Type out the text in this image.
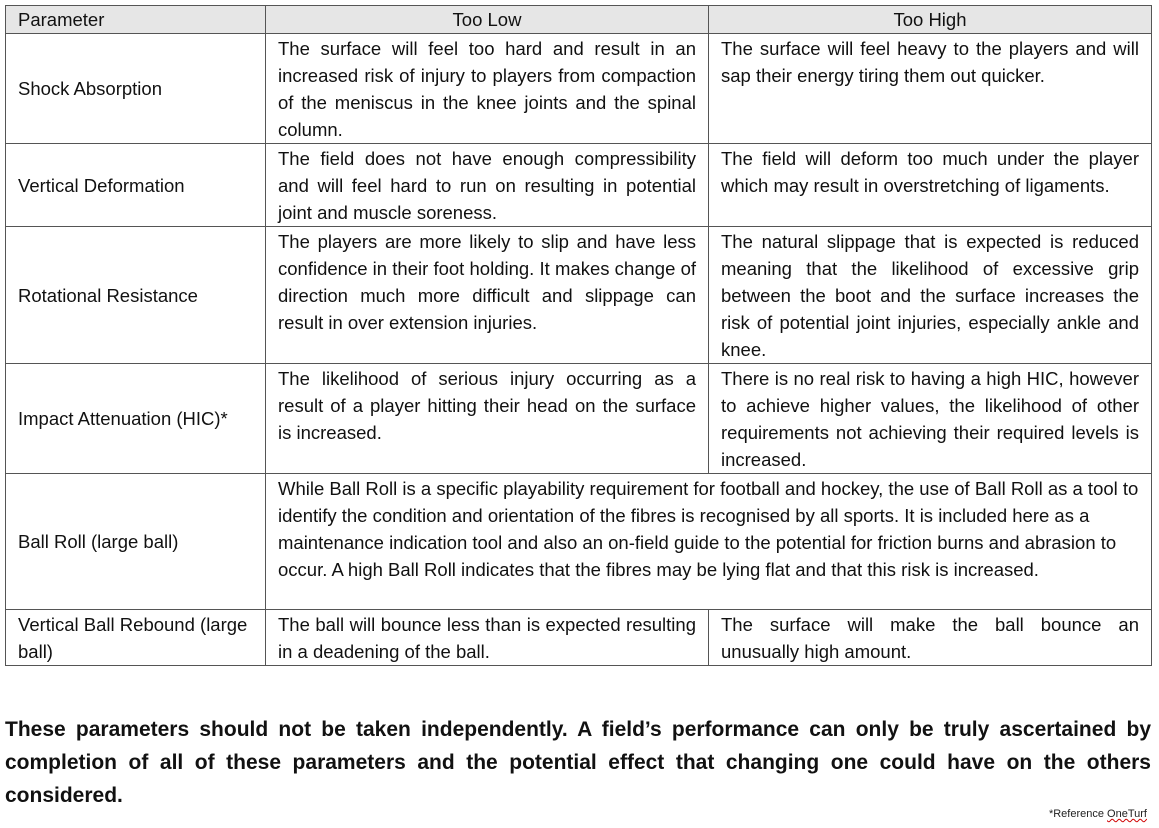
Parameter	Too Low	Too High
Shock Absorption	The surface will feel too hard and result in an increased risk of injury to players from compaction of the meniscus in the knee joints and the spinal column.	The surface will feel heavy to the players and will sap their energy tiring them out quicker.
Vertical Deformation	The field does not have enough compressibility and will feel hard to run on resulting in potential joint and muscle soreness.	The field will deform too much under the player which may result in overstretching of ligaments.
Rotational Resistance	The players are more likely to slip and have less confidence in their foot holding. It makes change of direction much more difficult and slippage can result in over extension injuries.	The natural slippage that is expected is reduced meaning that the likelihood of excessive grip between the boot and the surface increases the risk of potential joint injuries, especially ankle and knee.
Impact Attenuation (HIC)*	The likelihood of serious injury occurring as a result of a player hitting their head on the surface is increased.	There is no real risk to having a high HIC, however to achieve higher values, the likelihood of other requirements not achieving their required levels is increased.
Ball Roll (large ball)	While Ball Roll is a specific playability requirement for football and hockey, the use of Ball Roll as a tool to identify the condition and orientation of the fibres is recognised by all sports. It is included here as a maintenance indication tool and also an on-field guide to the potential for friction burns and abrasion to occur. A high Ball Roll indicates that the fibres may be lying flat and that this risk is increased.	
Vertical Ball Rebound (large ball)	The ball will bounce less than is expected resulting in a deadening of the ball.	The surface will make the ball bounce an unusually high amount.

These parameters should not be taken independently. A field’s performance can only be truly ascertained by completion of all of these parameters and the potential effect that changing one could have on the others considered.

*Reference OneTurf
